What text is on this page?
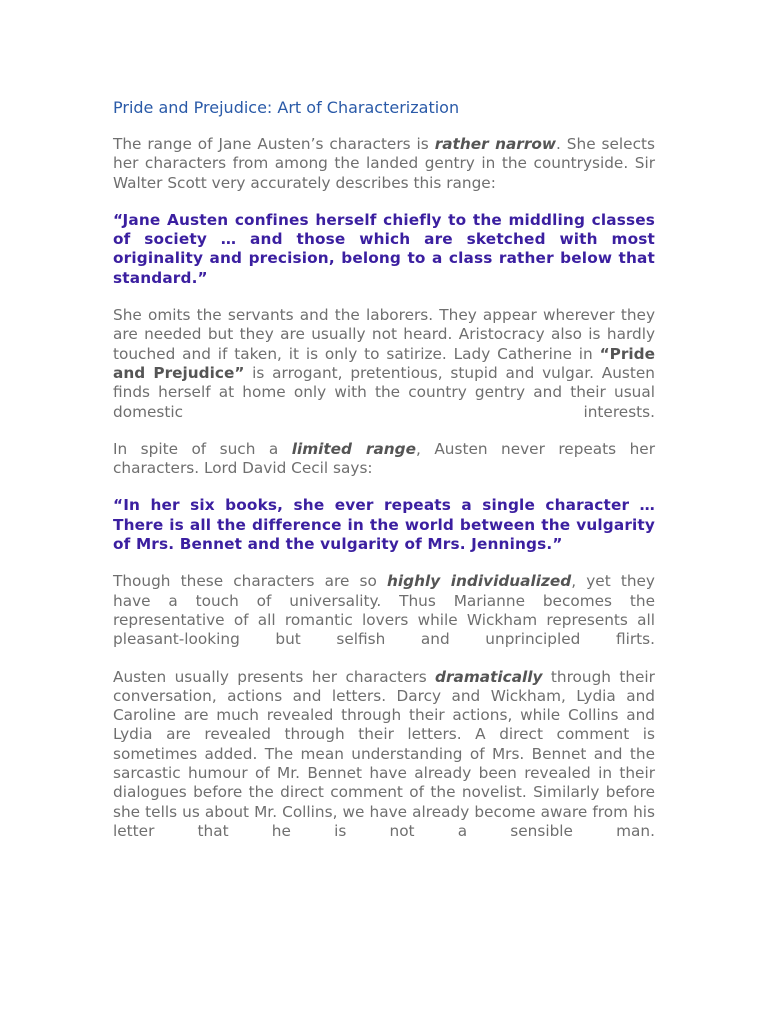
Pride and Prejudice: Art of Characterization

The range of Jane Austen’s characters is rather narrow. She selects her characters from among the landed gentry in the countryside. Sir Walter Scott very accurately describes this range:

“Jane Austen confines herself chiefly to the middling classes of society … and those which are sketched with most originality and precision, belong to a class rather below that standard.”

She omits the servants and the laborers. They appear wherever they are needed but they are usually not heard. Aristocracy also is hardly touched and if taken, it is only to satirize. Lady Catherine in “Pride and Prejudice” is arrogant, pretentious, stupid and vulgar. Austen finds herself at home only with the country gentry and their usual domestic interests.

In spite of such a limited range, Austen never repeats her characters. Lord David Cecil says:

“In her six books, she ever repeats a single character … There is all the difference in the world between the vulgarity of Mrs. Bennet and the vulgarity of Mrs. Jennings.”

Though these characters are so highly individualized, yet they have a touch of universality. Thus Marianne becomes the representative of all romantic lovers while Wickham represents all pleasant-looking but selfish and unprincipled flirts.

Austen usually presents her characters dramatically through their conversation, actions and letters. Darcy and Wickham, Lydia and Caroline are much revealed through their actions, while Collins and Lydia are revealed through their letters. A direct comment is sometimes added. The mean understanding of Mrs. Bennet and the sarcastic humour of Mr. Bennet have already been revealed in their dialogues before the direct comment of the novelist. Similarly before she tells us about Mr. Collins, we have already become aware from his letter that he is not a sensible man.
